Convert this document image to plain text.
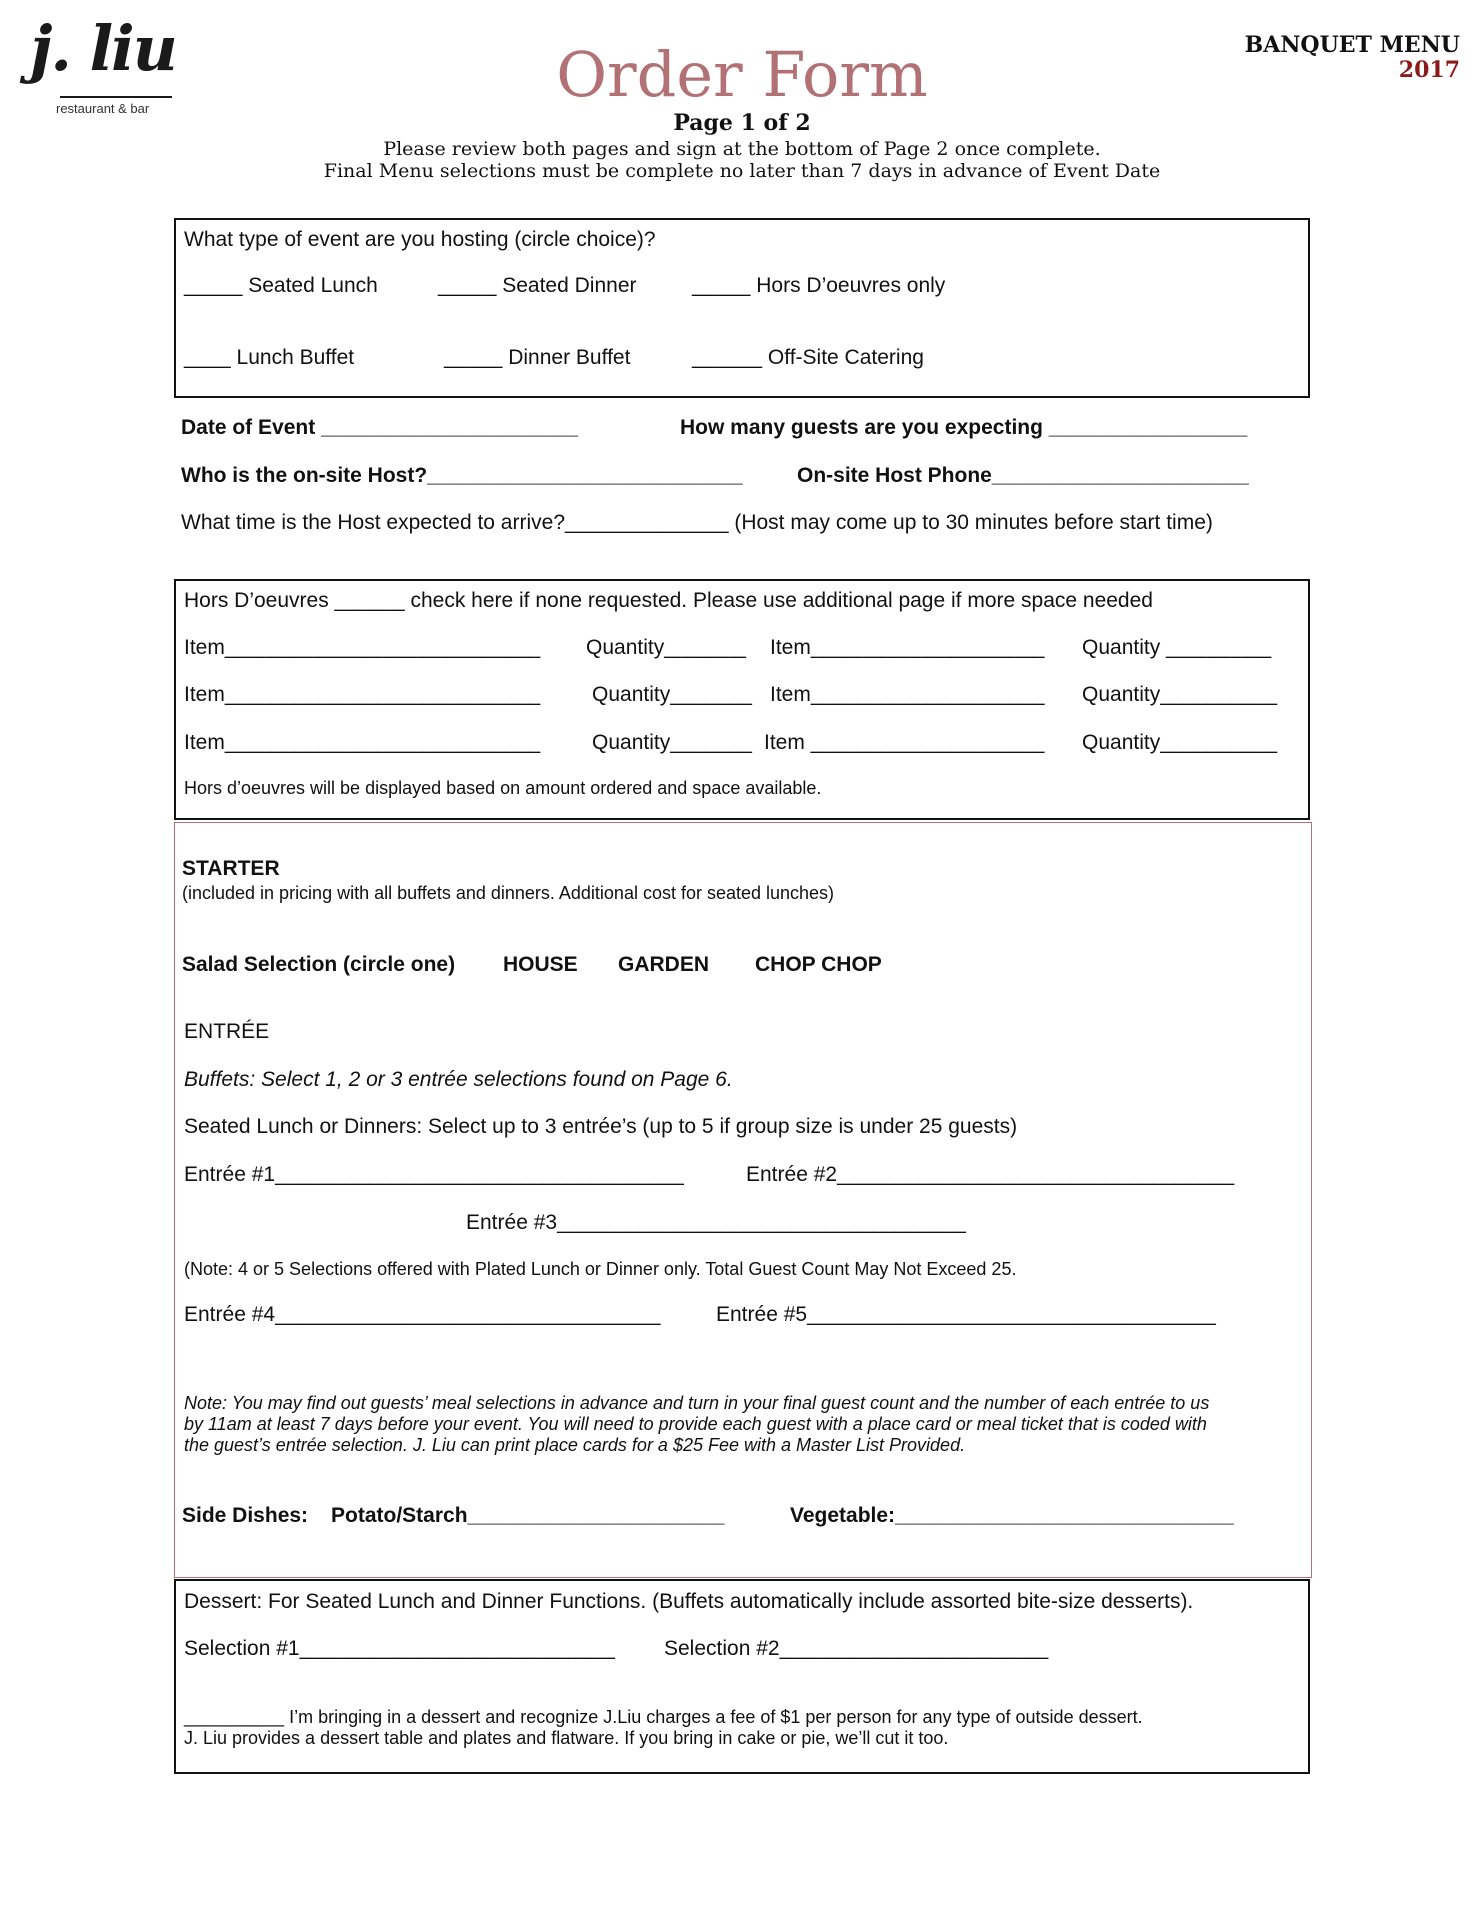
j. liu
restaurant & bar	Order Form	BANQUET MENU
2017
Page 1 of 2
Please review both pages and sign at the bottom of Page 2 once complete.
Final Menu selections must be complete no later than 7 days in advance of Event Date
What type of event are you hosting (circle choice)?
_____ Seated Lunch	_____ Seated Dinner	_____ Hors D’oeuvres only
____ Lunch Buffet	_____ Dinner Buffet	______ Off-Site Catering
Date of Event ______________________	How many guests are you expecting _________________
Who is the on-site Host?___________________________	On-site Host Phone______________________
What time is the Host expected to arrive?______________ (Host may come up to 30 minutes before start time)
Hors D’oeuvres ______ check here if none requested. Please use additional page if more space needed
Item___________________________ Quantity_______ Item____________________ Quantity _________
Item___________________________ Quantity_______ Item____________________ Quantity__________
Item___________________________ Quantity_______ Item ____________________ Quantity__________
Hors d’oeuvres will be displayed based on amount ordered and space available.
STARTER
(included in pricing with all buffets and dinners. Additional cost for seated lunches)
Salad Selection (circle one) HOUSE GARDEN CHOP CHOP
ENTRÉE
Buffets: Select 1, 2 or 3 entrée selections found on Page 6.
Seated Lunch or Dinners: Select up to 3 entrée’s (up to 5 if group size is under 25 guests)
Entrée #1___________________________________	Entrée #2__________________________________
Entrée #3___________________________________
(Note: 4 or 5 Selections offered with Plated Lunch or Dinner only. Total Guest Count May Not Exceed 25.
Entrée #4_________________________________	Entrée #5___________________________________
Note: You may find out guests’ meal selections in advance and turn in your final guest count and the number of each entrée to us
by 11am at least 7 days before your event. You will need to provide each guest with a place card or meal ticket that is coded with
the guest’s entrée selection. J. Liu can print place cards for a $25 Fee with a Master List Provided.
Side Dishes: Potato/Starch______________________	Vegetable:_____________________________
Dessert: For Seated Lunch and Dinner Functions. (Buffets automatically include assorted bite-size desserts).
Selection #1___________________________ Selection #2_______________________
__________ I’m bringing in a dessert and recognize J.Liu charges a fee of $1 per person for any type of outside dessert.
J. Liu provides a dessert table and plates and flatware. If you bring in cake or pie, we’ll cut it too.
